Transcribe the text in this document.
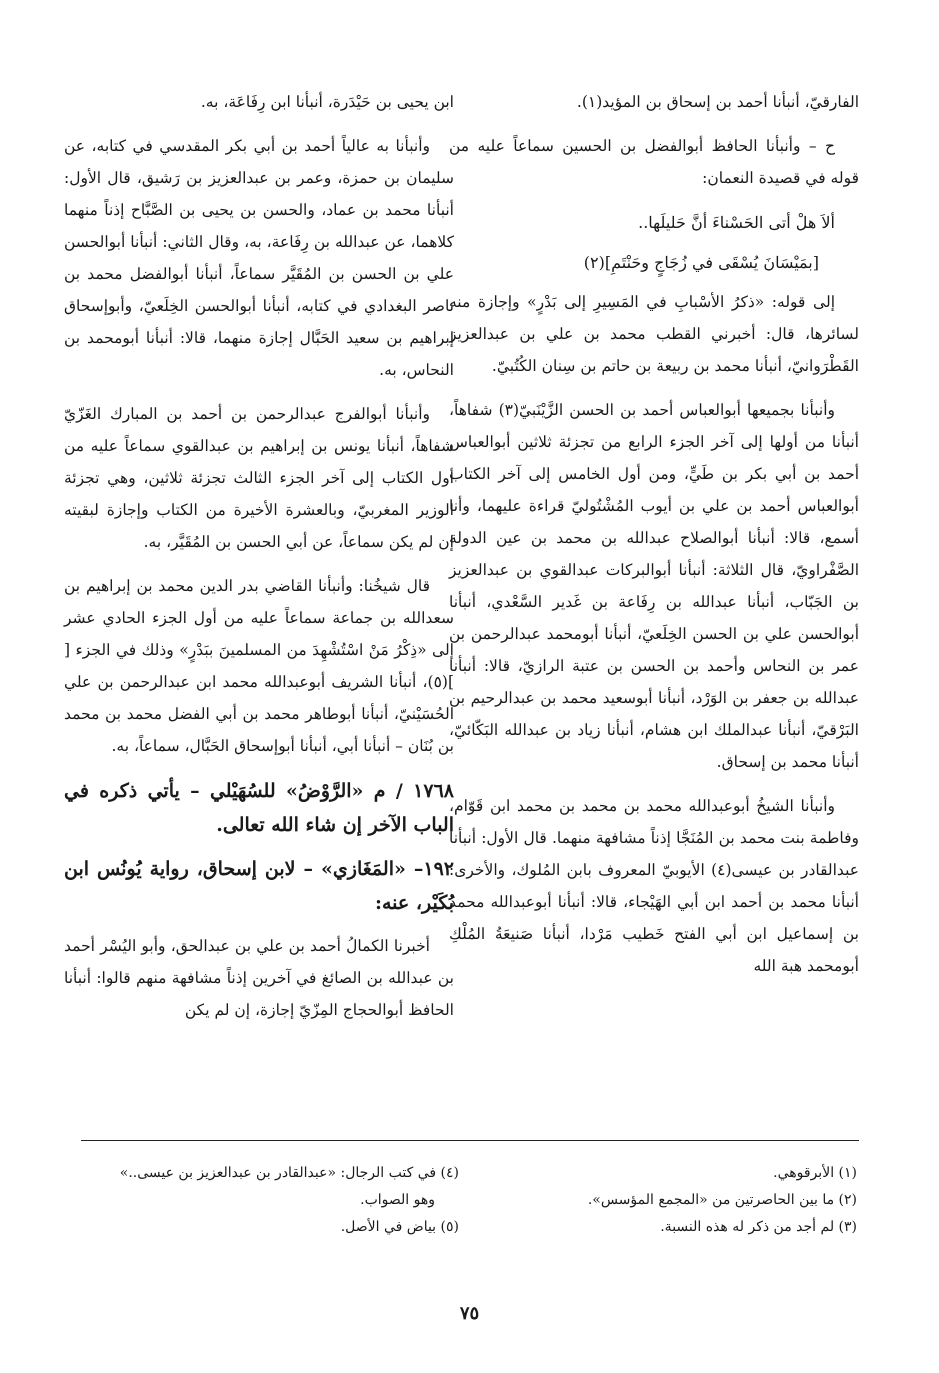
الفارقيّ، أنبأنا أحمد بن إسحاق بن المؤيد(١).

ح – وأنبأنا الحافظ أبوالفضل بن الحسين سماعاً عليه من قوله في قصيدة النعمان:

ألاَ هلْ أتى الحَسْناءَ أنَّ حَليلَها..
[بمَيْسَانَ يُسْقَى في زُجَاجٍ وحَنْتَمِ](٢)

إلى قوله: «ذكرُ الأسْبابِ في المَسِيرِ إلى بَدْرٍ» وإجازة منه لسائرها، قال: أخبرني القطب محمد بن علي بن عبدالعزيز القَطْرَوانيّ، أنبأنا محمد بن ربيعة بن حاتم بن سِنان الكُتُبيّ.

وأنبأنا بجميعها أبوالعباس أحمد بن الحسن الزَّيْنَبيّ(٣) شفاهاً، أنبأنا من أولها إلى آخر الجزء الرابع من تجزئة ثلاثين أبوالعباس أحمد بن أبي بكر بن طَيٍّ، ومن أول الخامس إلى آخر الكتاب أبوالعباس أحمد بن علي بن أيوب المُشْتُوليّ قراءة عليهما، وأنا أسمع، قالا: أنبأنا أبوالصلاح عبدالله بن محمد بن عين الدولة الصَّفْراويّ، قال الثلاثة: أنبأنا أبوالبركات عبدالقوي بن عبدالعزيز بن الجَبّاب، أنبأنا عبدالله بن رِفَاعة بن غَدير السَّعْدي، أنبأنا أبوالحسن علي بن الحسن الخِلَعيّ، أنبأنا أبومحمد عبدالرحمن بن عمر بن النحاس وأحمد بن الحسن بن عتبة الرازيّ، قالا: أنبأنا عبدالله بن جعفر بن الوَرْد، أنبأنا أبوسعيد محمد بن عبدالرحيم بن البَرْقيّ، أنبأنا عبدالملك ابن هشام، أنبأنا زياد بن عبدالله البَكّائيّ، أنبأنا محمد بن إسحاق.

وأنبأنا الشيخُ أبوعبدالله محمد بن محمد بن محمد ابن قَوّام، وفاطمة بنت محمد بن المُنَجَّا إذناً مشافهة منهما. قال الأول: أنبأنا عبدالقادر بن عيسى(٤) الأيوبيّ المعروف بابن المُلوك، والأخرى: أنبأنا محمد بن أحمد ابن أبي الهَيْجاء، قالا: أنبأنا أبوعبدالله محمد بن إسماعيل ابن أبي الفتح خَطيب مَرْدا، أنبأنا صَنيعَةُ المُلْكِ أبومحمد هبة الله

ابن يحيى بن حَيْدَرة، أنبأنا ابن رِفَاعَة، به.

وأنبأنا به عالياً أحمد بن أبي بكر المقدسي في كتابه، عن سليمان بن حمزة، وعمر بن عبدالعزيز بن رَشيق، قال الأول: أنبأنا محمد بن عماد، والحسن بن يحيى بن الصَّبَّاح إذناً منهما كلاهما، عن عبدالله بن رِفَاعة، به، وقال الثاني: أنبأنا أبوالحسن علي بن الحسن بن المُقَيَّر سماعاً، أنبأنا أبوالفضل محمد بن ناصر البغدادي في كتابه، أنبأنا أبوالحسن الخِلَعيّ، وأبوإسحاق إبراهيم بن سعيد الحَبَّال إجازة منهما، قالا: أنبأنا أبومحمد بن النحاس، به.

وأنبأنا أبوالفرج عبدالرحمن بن أحمد بن المبارك الغَزّيّ شفاهاً، أنبأنا يونس بن إبراهيم بن عبدالقوي سماعاً عليه من أول الكتاب إلى آخر الجزء الثالث تجزئة ثلاثين، وهي تجزئة الوزير المغربيّ، وبالعشرة الأخيرة من الكتاب وإجازة لبقيته إن لم يكن سماعاً، عن أبي الحسن بن المُقَيَّر، به.

قال شيخُنا: وأنبأنا القاضي بدر الدين محمد بن إبراهيم بن سعدالله بن جماعة سماعاً عليه من أول الجزء الحادي عشر إلى «ذِكْرُ مَنْ اسْتُشْهِدَ من المسلمينَ ببَدْرٍ» وذلك في الجزء [ ](٥)، أنبأنا الشريف أبوعبدالله محمد ابن عبدالرحمن بن علي الحُسَيْنيّ، أنبأنا أبوطاهر محمد بن أبي الفضل محمد بن محمد بن بُنَان – أنبأنا أبي، أنبأنا أبوإسحاق الحَبَّال، سماعاً، به.

١٧٦٨ / م «الرَّوْضُ» للسُهَيْلي – يأتي ذكره في الباب الآخر إن شاء الله تعالى.
١٩٢– «المَغَازي» – لابن إسحاق، رواية يُونُس ابن بُكَيْر، عنه:

أخبرنا الكمالُ أحمد بن علي بن عبدالحق، وأبو اليُسْر أحمد بن عبدالله بن الصائغ في آخرين إذناً مشافهة منهم قالوا: أنبأنا الحافظ أبوالحجاج المِزّيّ إجازة، إن لم يكن

(١) الأبرقوهي.

(٢) ما بين الحاصرتين من «المجمع المؤسس».

(٣) لم أجد من ذكر له هذه النسبة.

(٤) في كتب الرجال: «عبدالقادر بن عبدالعزيز بن عيسى..»

وهو الصواب.

(٥) بياض في الأصل.

٧٥
